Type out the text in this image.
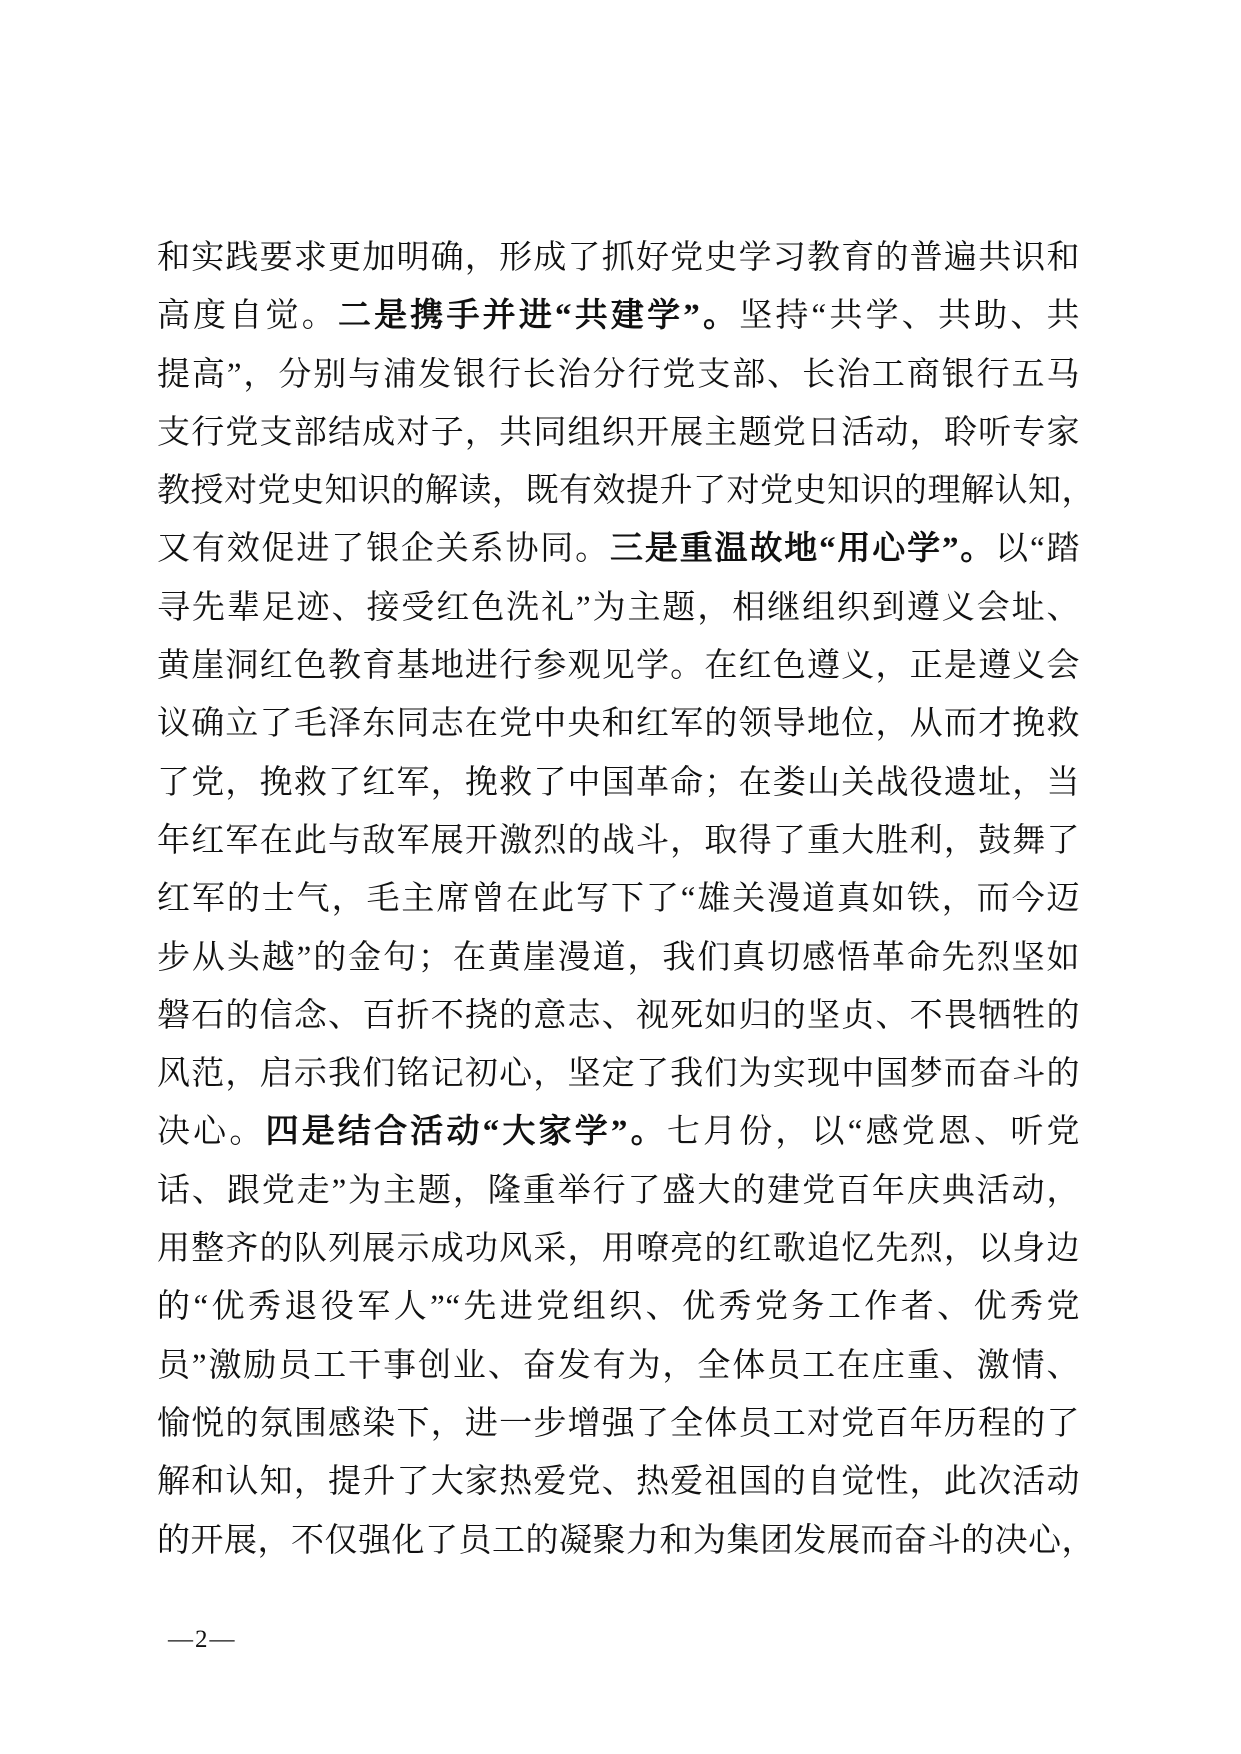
和实践要求更加明确，形成了抓好党史学习教育的普遍共识和
高度自觉。二是携手并进“共建学”。坚持“共学、共助、共
提高”，分别与浦发银行长治分行党支部、长治工商银行五马
支行党支部结成对子，共同组织开展主题党日活动，聆听专家
教授对党史知识的解读，既有效提升了对党史知识的理解认知，
又有效促进了银企关系协同。三是重温故地“用心学”。以“踏
寻先辈足迹、接受红色洗礼”为主题，相继组织到遵义会址、
黄崖洞红色教育基地进行参观见学。在红色遵义，正是遵义会
议确立了毛泽东同志在党中央和红军的领导地位，从而才挽救
了党，挽救了红军，挽救了中国革命；在娄山关战役遗址，当
年红军在此与敌军展开激烈的战斗，取得了重大胜利，鼓舞了
红军的士气，毛主席曾在此写下了“雄关漫道真如铁，而今迈
步从头越”的金句；在黄崖漫道，我们真切感悟革命先烈坚如
磐石的信念、百折不挠的意志、视死如归的坚贞、不畏牺牲的
风范，启示我们铭记初心，坚定了我们为实现中国梦而奋斗的
决心。四是结合活动“大家学”。七月份，以“感党恩、听党
话、跟党走”为主题，隆重举行了盛大的建党百年庆典活动，
用整齐的队列展示成功风采，用嘹亮的红歌追忆先烈，以身边
的“优秀退役军人”“先进党组织、优秀党务工作者、优秀党
员”激励员工干事创业、奋发有为，全体员工在庄重、激情、
愉悦的氛围感染下，进一步增强了全体员工对党百年历程的了
解和认知，提升了大家热爱党、热爱祖国的自觉性，此次活动
的开展，不仅强化了员工的凝聚力和为集团发展而奋斗的决心，
—2—
